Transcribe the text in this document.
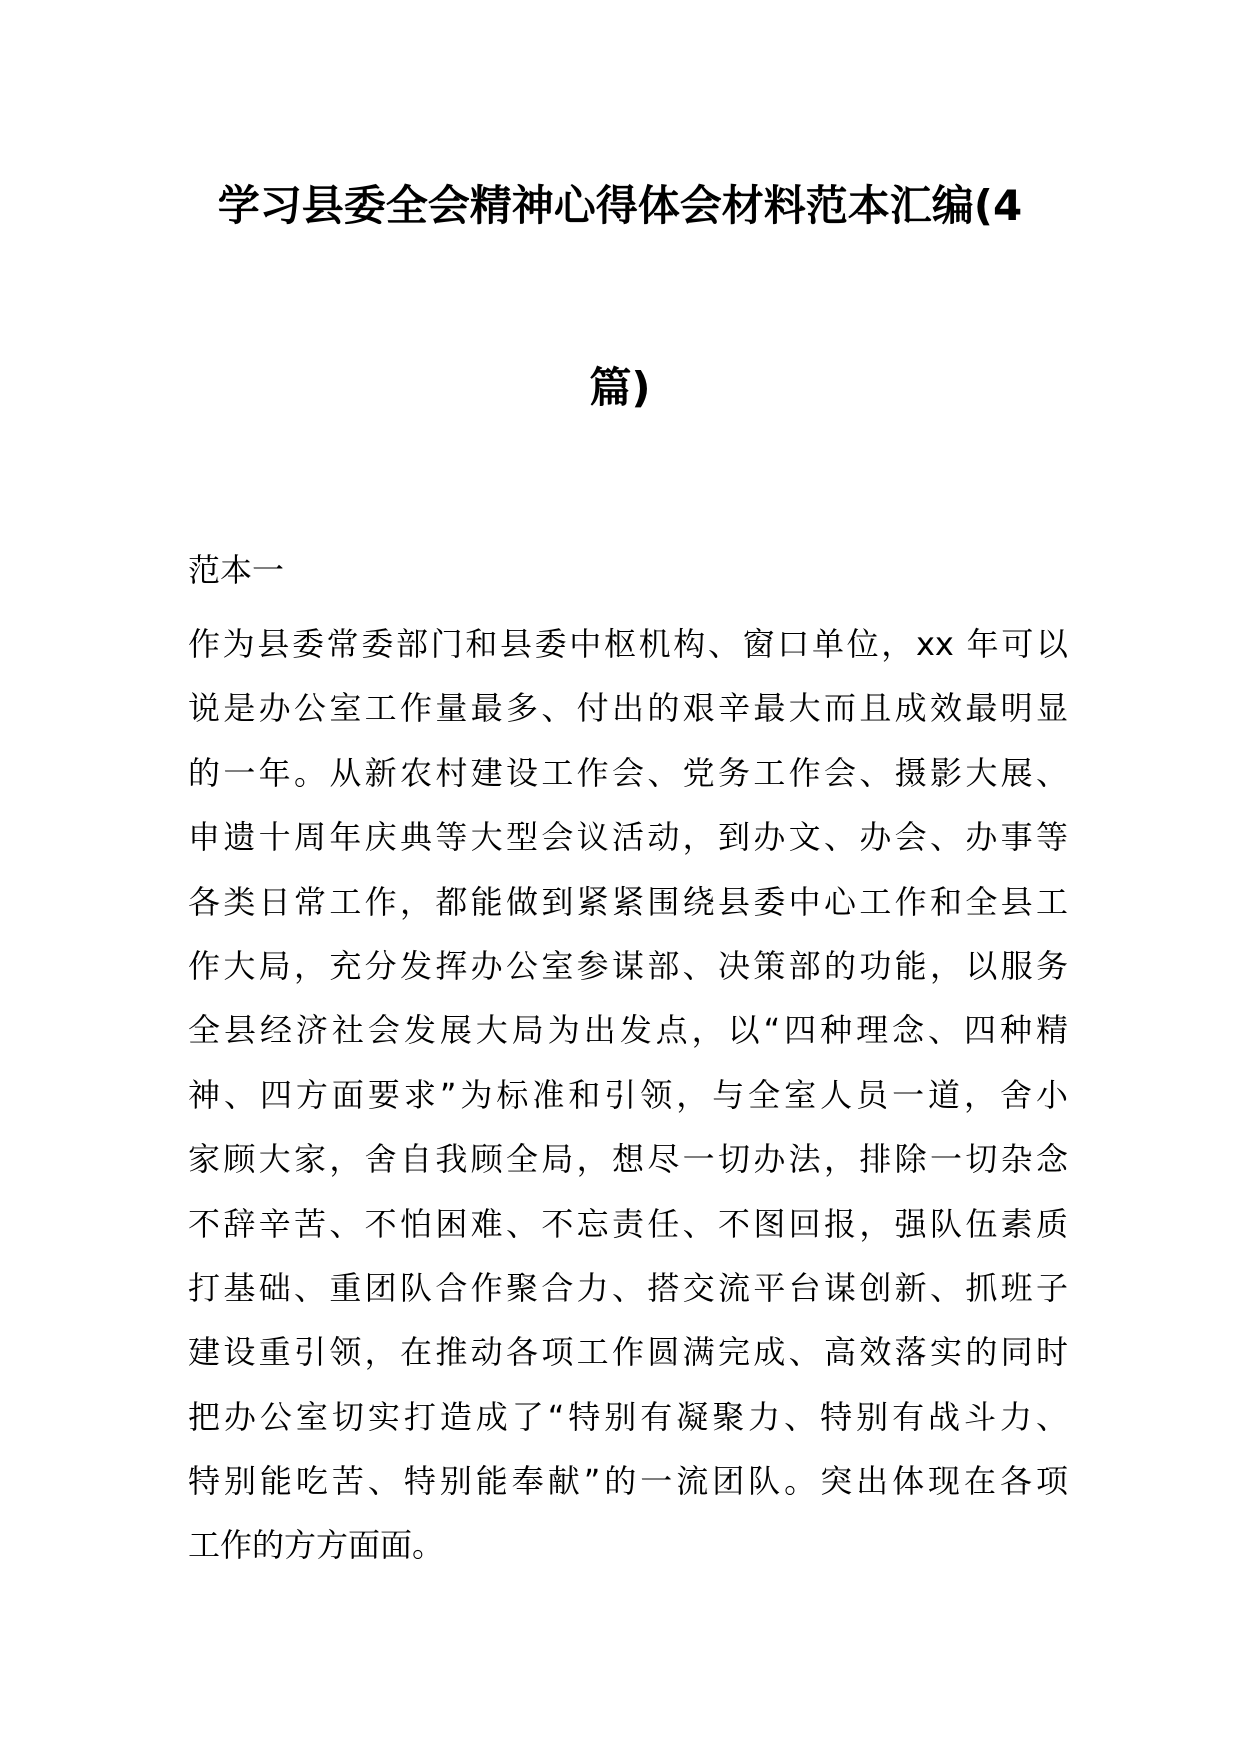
学习县委全会精神心得体会材料范本汇编(4
篇)
范本一
作为县委常委部门和县委中枢机构、窗口单位，xx 年可以
说是办公室工作量最多、付出的艰辛最大而且成效最明显
的一年。从新农村建设工作会、党务工作会、摄影大展、
申遗十周年庆典等大型会议活动，到办文、办会、办事等
各类日常工作，都能做到紧紧围绕县委中心工作和全县工
作大局，充分发挥办公室参谋部、决策部的功能，以服务
全县经济社会发展大局为出发点，以“四种理念、四种精
神、四方面要求”为标准和引领，与全室人员一道，舍小
家顾大家，舍自我顾全局，想尽一切办法，排除一切杂念
不辞辛苦、不怕困难、不忘责任、不图回报，强队伍素质
打基础、重团队合作聚合力、搭交流平台谋创新、抓班子
建设重引领，在推动各项工作圆满完成、高效落实的同时
把办公室切实打造成了“特别有凝聚力、特别有战斗力、
特别能吃苦、特别能奉献”的一流团队。突出体现在各项
工作的方方面面。
